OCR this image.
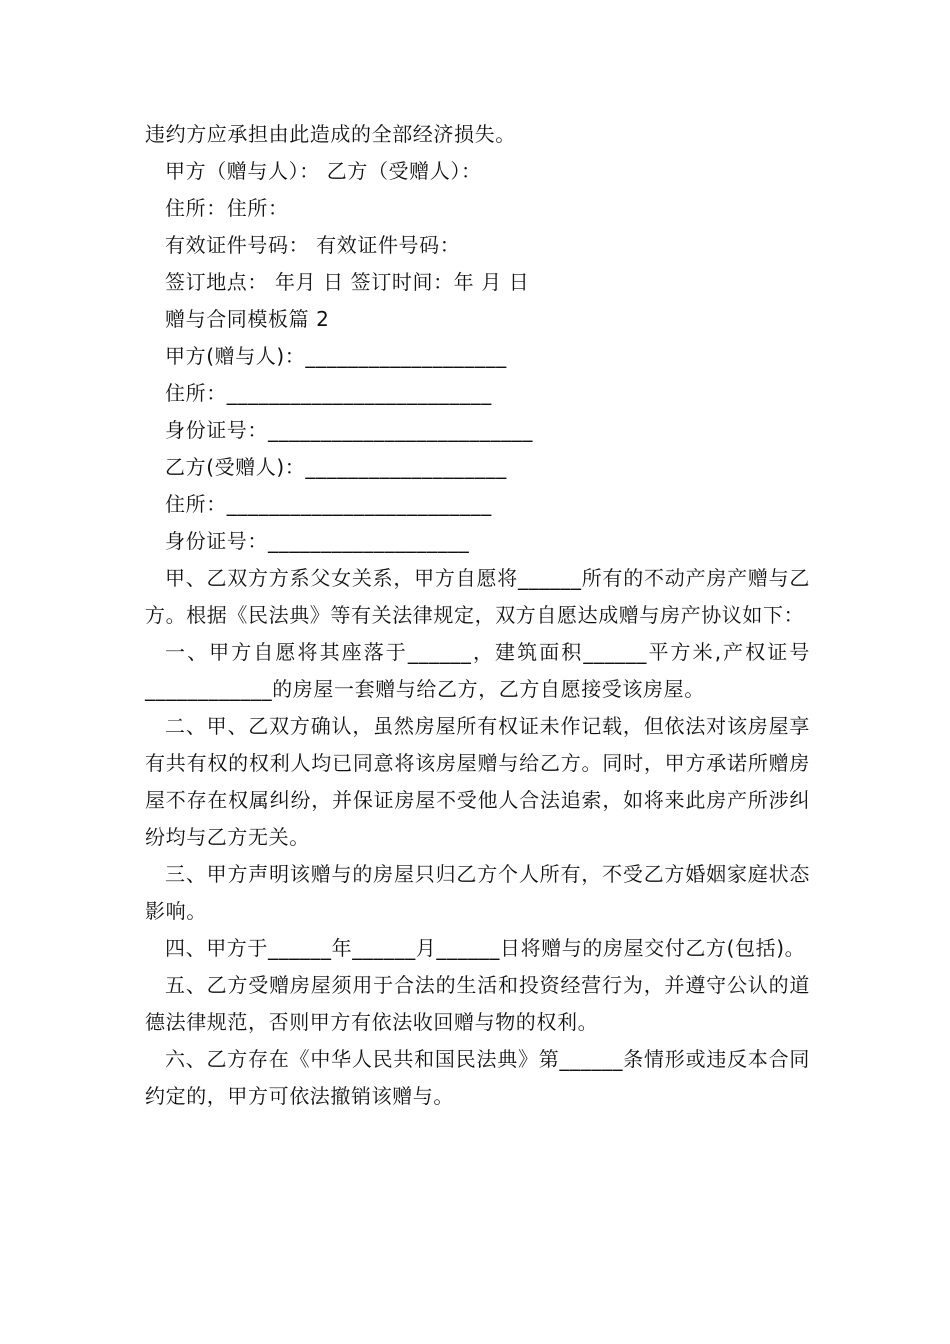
违约方应承担由此造成的全部经济损失。
甲方（赠与人）： 乙方（受赠人）：
住所：住所：
有效证件号码： 有效证件号码：
签订地点： 年月 日 签订时间：年 月 日
赠与合同模板篇 2
甲方(赠与人)：___________________
住所：_________________________
身份证号：_________________________
乙方(受赠人)：___________________
住所：_________________________
身份证号：___________________
甲、乙双方方系父女关系，甲方自愿将______所有的不动产房产赠与乙方。根据《民法典》等有关法律规定，双方自愿达成赠与房产协议如下：
一、甲方自愿将其座落于______，建筑面积______平方米,产权证号____________的房屋一套赠与给乙方，乙方自愿接受该房屋。
二、甲、乙双方确认，虽然房屋所有权证未作记载，但依法对该房屋享有共有权的权利人均已同意将该房屋赠与给乙方。同时，甲方承诺所赠房屋不存在权属纠纷，并保证房屋不受他人合法追索，如将来此房产所涉纠纷均与乙方无关。
三、甲方声明该赠与的房屋只归乙方个人所有，不受乙方婚姻家庭状态影响。
四、甲方于______年______月______日将赠与的房屋交付乙方(包括)。
五、乙方受赠房屋须用于合法的生活和投资经营行为，并遵守公认的道德法律规范，否则甲方有依法收回赠与物的权利。
六、乙方存在《中华人民共和国民法典》第______条情形或违反本合同约定的，甲方可依法撤销该赠与。
